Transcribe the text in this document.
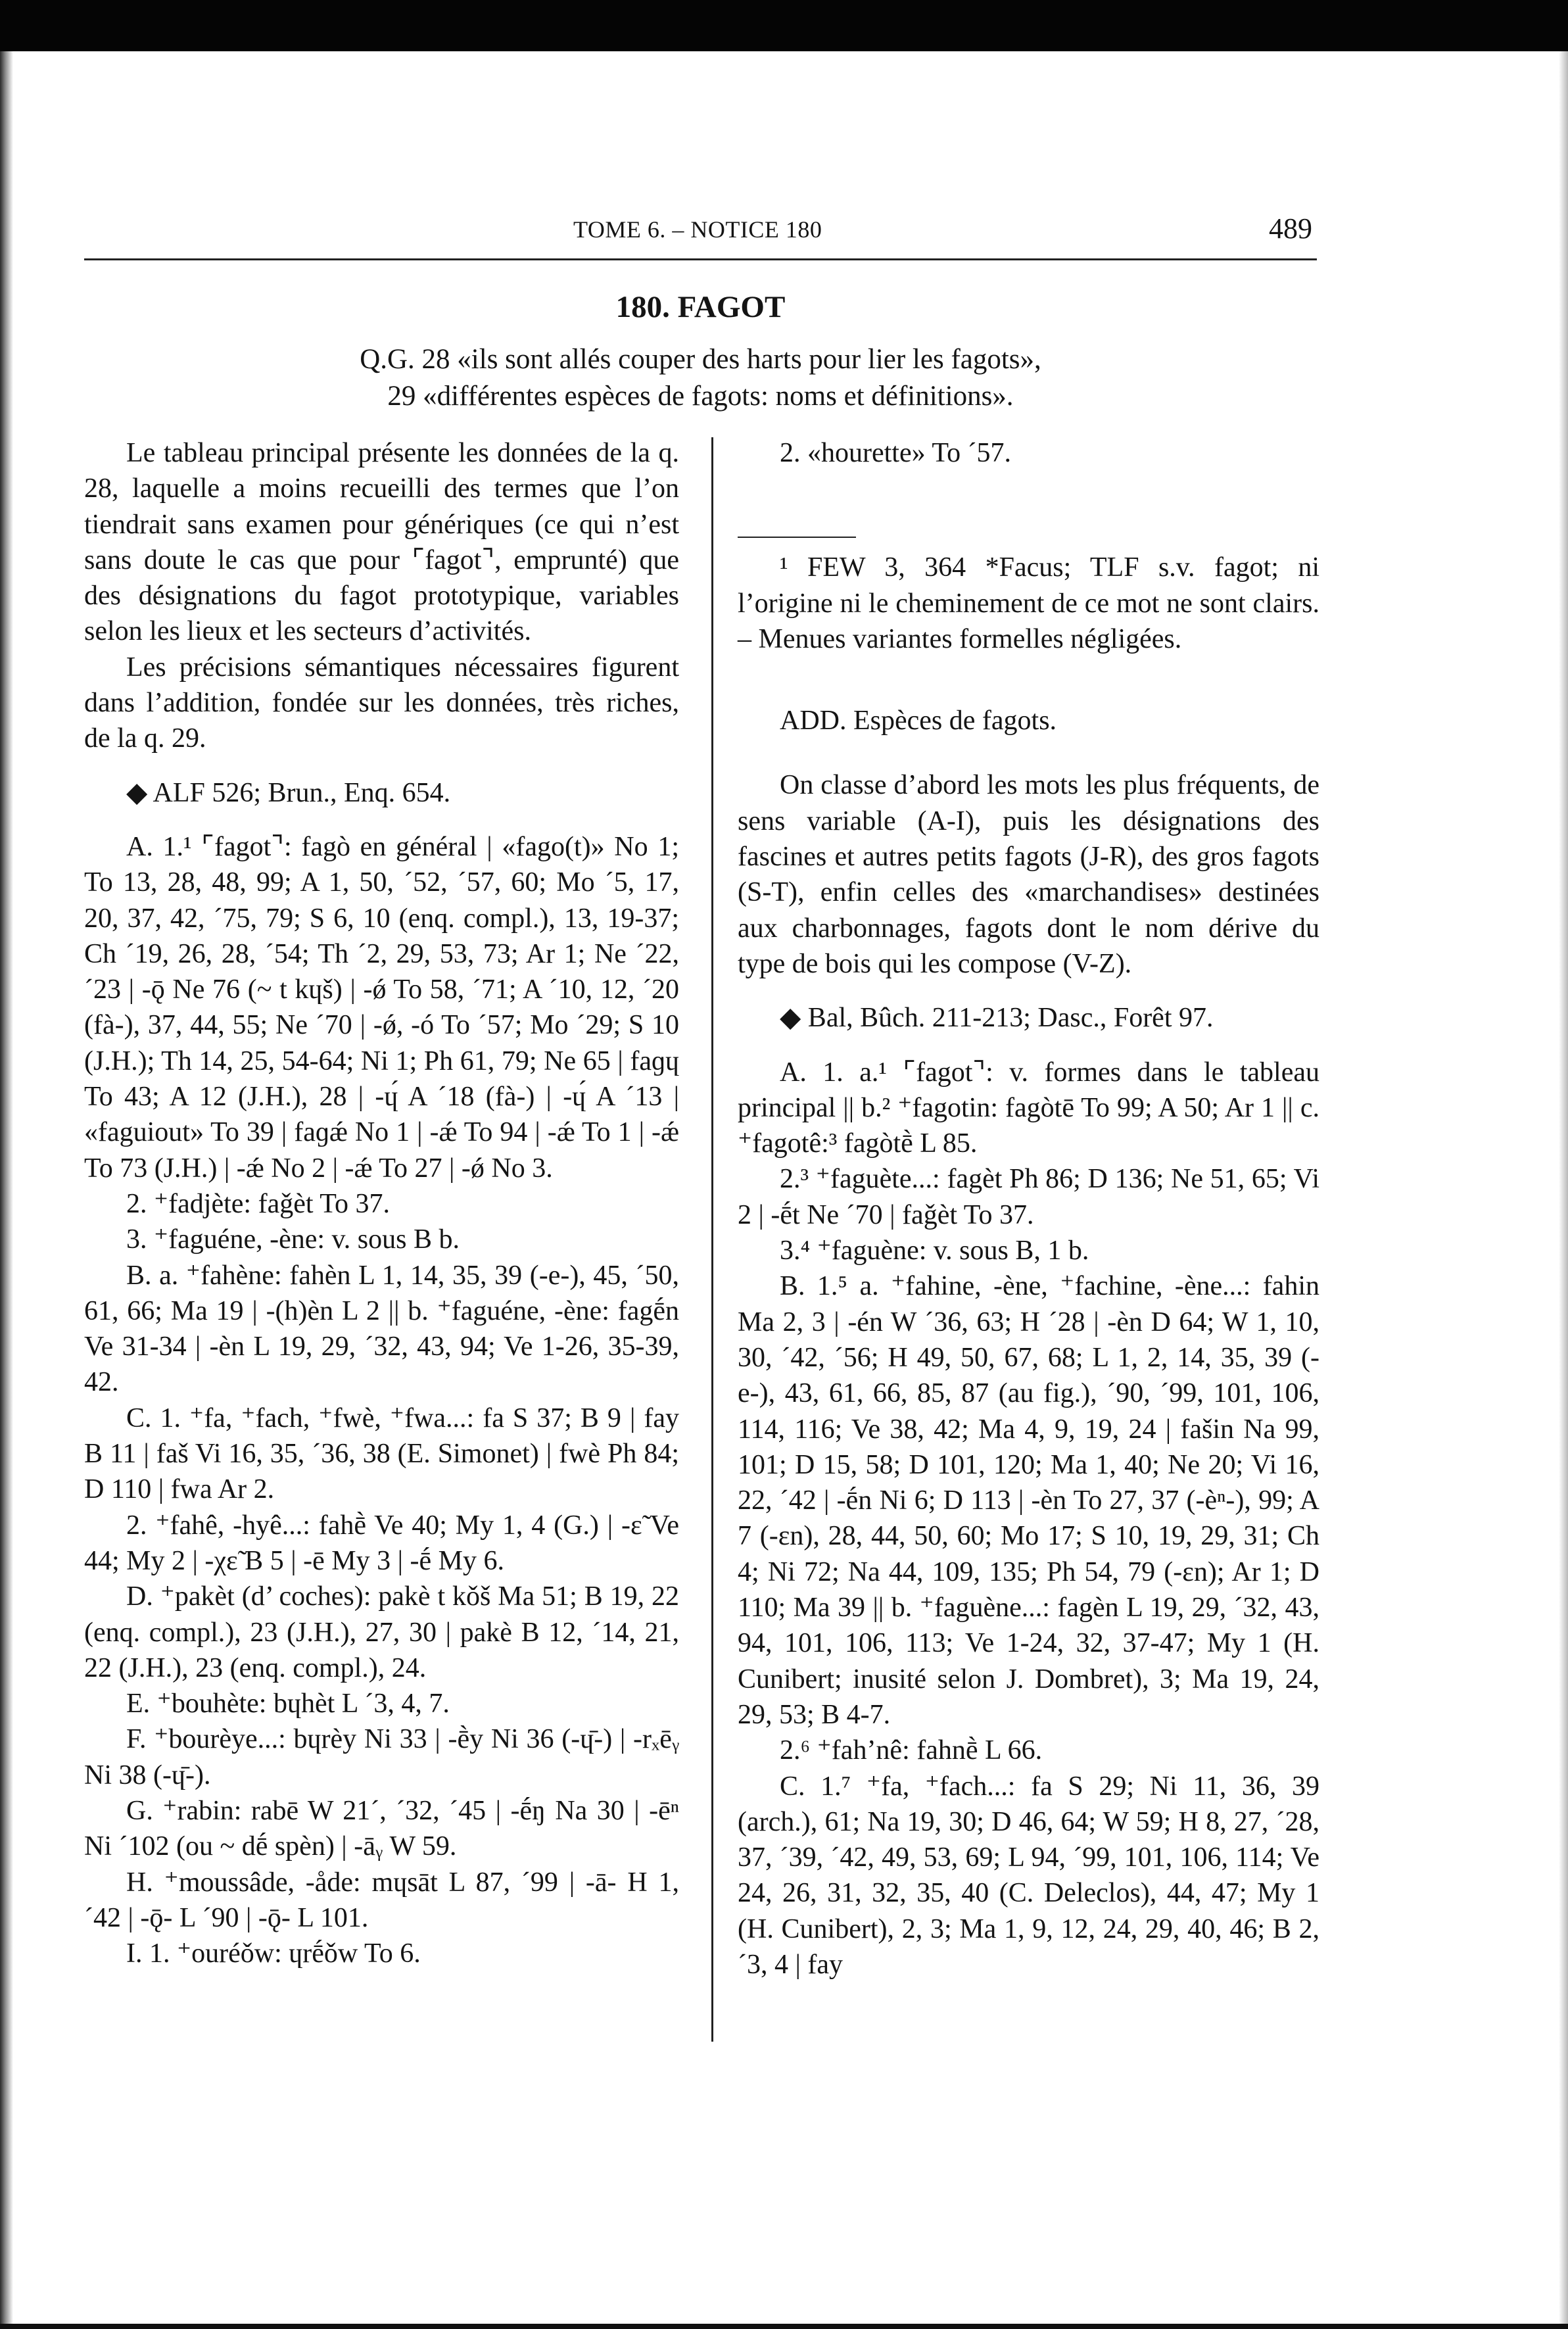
TOME 6. – NOTICE 180	489
180. FAGOT
Q.G. 28 «ils sont allés couper des harts pour lier les fagots»,
29 «différentes espèces de fagots: noms et définitions».

Le tableau principal présente les données de la q. 28, laquelle a moins recueilli des termes que l’on tiendrait sans examen pour génériques (ce qui n’est sans doute le cas que pour ⌜fagot⌝, emprunté) que des désignations du fagot prototypique, variables selon les lieux et les secteurs d’activités.

Les précisions sémantiques nécessaires figurent dans l’addition, fondée sur les données, très riches, de la q. 29.

◆ ALF 526; Brun., Enq. 654.

A. 1.¹ ⌜fagot⌝: fagò en général | «fago(t)» No 1; To 13, 28, 48, 99; A 1, 50, ´52, ´57, 60; Mo ´5, 17, 20, 37, 42, ´75, 79; S 6, 10 (enq. compl.), 13, 19-37; Ch ´19, 26, 28, ´54; Th ´2, 29, 53, 73; Ar 1; Ne ´22, ´23 | -ǭ Ne 76 (~ t kɥš) | -ǿ To 58, ´71; A ´10, 12, ´20 (fà-), 37, 44, 55; Ne ´70 | -ǿ, -ó To ´57; Mo ´29; S 10 (J.H.); Th 14, 25, 54-64; Ni 1; Ph 61, 79; Ne 65 | faɡɥ To 43; A 12 (J.H.), 28 | -ɥ́ A ´18 (fà-) | -ɥ́ A ´13 | «faguiout» To 39 | faɡǽ No 1 | -ǽ To 94 | -ǽ To 1 | -ǽ To 73 (J.H.) | -ǽ No 2 | -ǽ To 27 | -ǿ No 3.

2. ⁺fadjète: faǧèt To 37.

3. ⁺faguéne, -ène: v. sous B b.

B. a. ⁺fahène: fahèn L 1, 14, 35, 39 (-e-), 45, ´50, 61, 66; Ma 19 | -(h)èn L 2 || b. ⁺faguéne, -ène: fagḗn Ve 31-34 | -èn L 19, 29, ´32, 43, 94; Ve 1-26, 35-39, 42.

C. 1. ⁺fa, ⁺fach, ⁺fwè, ⁺fwa...: fa S 37; B 9 | fay B 11 | faš Vi 16, 35, ´36, 38 (E. Simonet) | fwè Ph 84; D 110 | fwa Ar 2.

2. ⁺fahê, -hyê...: fahḕ Ve 40; My 1, 4 (G.) | -ɛ̃ Ve 44; My 2 | -χɛ̃ B 5 | -ē My 3 | -ḗ My 6.

D. ⁺pakèt (d’ coches): pakè t kǒš Ma 51; B 19, 22 (enq. compl.), 23 (J.H.), 27, 30 | pakè B 12, ´14, 21, 22 (J.H.), 23 (enq. compl.), 24.

E. ⁺bouhète: bɥhèt L ´3, 4, 7.

F. ⁺bourèye...: bɥrèy Ni 33 | -ḕy Ni 36 (-ɥ̄-) | -rₓēᵧ Ni 38 (-ɥ̄-).

G. ⁺rabin: rabē W 21´, ´32, ´45 | -ḗŋ Na 30 | -ēⁿ Ni ´102 (ou ~ dḗ spèn) | -āᵧ W 59.

H. ⁺moussâde, -åde: mɥsāt L 87, ´99 | -ā- H 1, ´42 | -ǭ- L ´90 | -ǭ- L 101.

I. 1. ⁺ouréǒw: ɥrḗǒw To 6.

2. «hourette» To ´57.

¹ FEW 3, 364 *Facus; TLF s.v. fagot; ni l’origine ni le cheminement de ce mot ne sont clairs. – Menues variantes formelles négligées.

ADD. Espèces de fagots.

On classe d’abord les mots les plus fréquents, de sens variable (A-I), puis les désignations des fascines et autres petits fagots (J-R), des gros fagots (S-T), enfin celles des «marchandises» destinées aux charbonnages, fagots dont le nom dérive du type de bois qui les compose (V-Z).

◆ Bal, Bûch. 211-213; Dasc., Forêt 97.

A. 1. a.¹ ⌜fagot⌝: v. formes dans le tableau principal || b.² ⁺fagotin: fagòtē To 99; A 50; Ar 1 || c. ⁺fagotê:³ fagòtḕ L 85.

2.³ ⁺faguète...: fagèt Ph 86; D 136; Ne 51, 65; Vi 2 | -ḗt Ne ´70 | faǧèt To 37.

3.⁴ ⁺faguène: v. sous B, 1 b.

B. 1.⁵ a. ⁺fahine, -ène, ⁺fachine, -ène...: fahin Ma 2, 3 | -én W ´36, 63; H ´28 | -èn D 64; W 1, 10, 30, ´42, ´56; H 49, 50, 67, 68; L 1, 2, 14, 35, 39 (-e-), 43, 61, 66, 85, 87 (au fig.), ´90, ´99, 101, 106, 114, 116; Ve 38, 42; Ma 4, 9, 19, 24 | fašin Na 99, 101; D 15, 58; D 101, 120; Ma 1, 40; Ne 20; Vi 16, 22, ´42 | -ḗn Ni 6; D 113 | -èn To 27, 37 (-èⁿ-), 99; A 7 (-ɛn), 28, 44, 50, 60; Mo 17; S 10, 19, 29, 31; Ch 4; Ni 72; Na 44, 109, 135; Ph 54, 79 (-ɛn); Ar 1; D 110; Ma 39 || b. ⁺faguène...: fagèn L 19, 29, ´32, 43, 94, 101, 106, 113; Ve 1-24, 32, 37-47; My 1 (H. Cunibert; inusité selon J. Dombret), 3; Ma 19, 24, 29, 53; B 4-7.

2.⁶ ⁺fah’nê: fahnḕ L 66.

C. 1.⁷ ⁺fa, ⁺fach...: fa S 29; Ni 11, 36, 39 (arch.), 61; Na 19, 30; D 46, 64; W 59; H 8, 27, ´28, 37, ´39, ´42, 49, 53, 69; L 94, ´99, 101, 106, 114; Ve 24, 26, 31, 32, 35, 40 (C. Deleclos), 44, 47; My 1 (H. Cunibert), 2, 3; Ma 1, 9, 12, 24, 29, 40, 46; B 2, ´3, 4 | fay
